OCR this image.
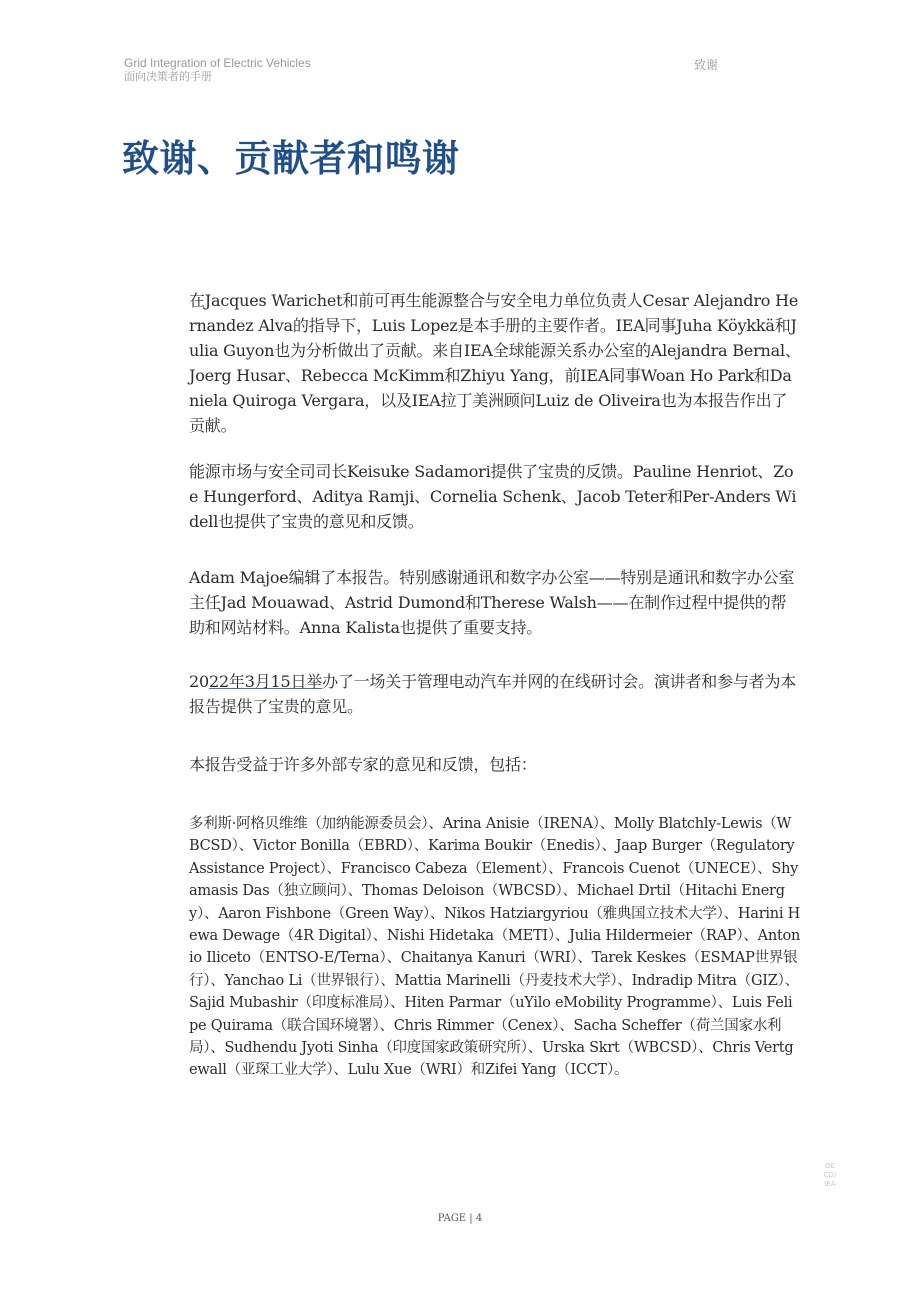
Grid Integration of Electric Vehicles
面向决策者的手册
致谢
致谢、贡献者和鸣谢

在Jacques Warichet和前可再生能源整合与安全电力单位负责人Cesar Alejandro Hernandez Alva的指导下，Luis Lopez是本手册的主要作者。IEA同事Juha Köykkä和Julia Guyon也为分析做出了贡献。来自IEA全球能源关系办公室的Alejandra Bernal、Joerg Husar、Rebecca McKimm和Zhiyu Yang，前IEA同事Woan Ho Park和Daniela Quiroga Vergara，以及IEA拉丁美洲顾问Luiz de Oliveira也为本报告作出了贡献。

能源市场与安全司司长Keisuke Sadamori提供了宝贵的反馈。Pauline Henriot、Zoe Hungerford、Aditya Ramji、Cornelia Schenk、Jacob Teter和Per-Anders Widell也提供了宝贵的意见和反馈。

Adam Majoe编辑了本报告。特别感谢通讯和数字办公室——特别是通讯和数字办公室主任Jad Mouawad、Astrid Dumond和Therese Walsh——在制作过程中提供的帮助和网站材料。Anna Kalista也提供了重要支持。

2022年3月15日举办了一场关于管理电动汽车并网的在线研讨会。演讲者和参与者为本报告提供了宝贵的意见。

本报告受益于许多外部专家的意见和反馈，包括：

多利斯·阿格贝维维（加纳能源委员会）、Arina Anisie（IRENA）、Molly Blatchly-Lewis（WBCSD）、Victor Bonilla（EBRD）、Karima Boukir（Enedis）、Jaap Burger（Regulatory Assistance Project）、Francisco Cabeza（Element）、Francois Cuenot（UNECE）、Shyamasis Das（独立顾问）、Thomas Deloison（WBCSD）、Michael Drtil（Hitachi Energy）、Aaron Fishbone（Green Way）、Nikos Hatziargyriou（雅典国立技术大学）、Harini Hewa Dewage（4R Digital）、Nishi Hidetaka（METI）、Julia Hildermeier（RAP）、Antonio Iliceto（ENTSO-E/Terna）、Chaitanya Kanuri（WRI）、Tarek Keskes（ESMAP世界银行）、Yanchao Li（世界银行）、Mattia Marinelli（丹麦技术大学）、Indradip Mitra（GIZ）、Sajid Mubashir（印度标准局）、Hiten Parmar（uYilo eMobility Programme）、Luis Felipe Quirama（联合国环境署）、Chris Rimmer（Cenex）、Sacha Scheffer（荷兰国家水利局）、Sudhendu Jyoti Sinha（印度国家政策研究所）、Urska Skrt（WBCSD）、Chris Vertgewall（亚琛工业大学）、Lulu Xue（WRI）和Zifei Yang（ICCT）。

OECD/IEA
PAGE | 4
